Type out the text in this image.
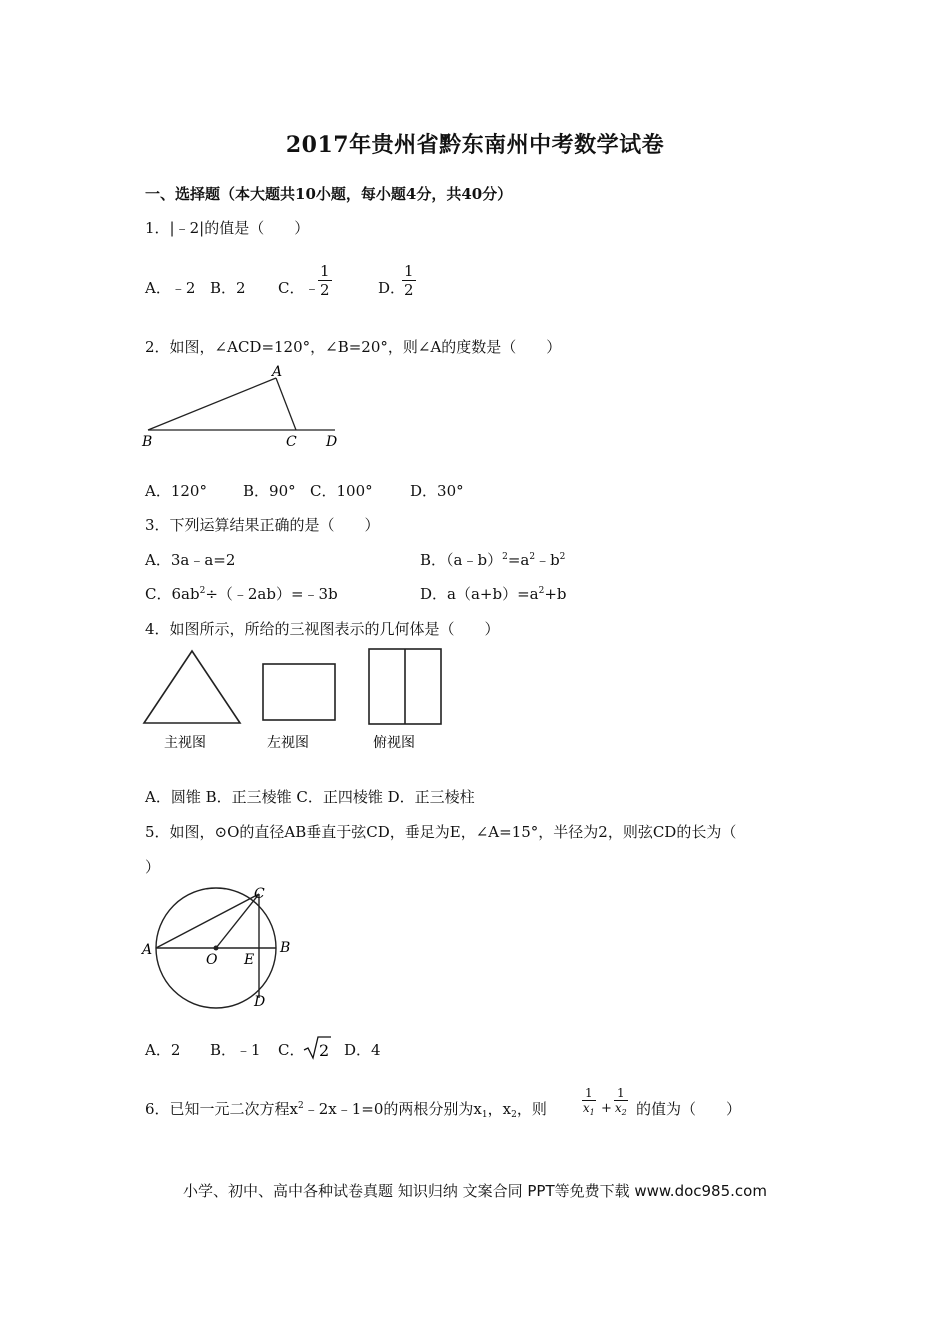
2017年贵州省黔东南州中考数学试卷
一、选择题（本大题共10小题，每小题4分，共40分）
1．|﹣2|的值是（　　）
A．﹣2 B．2 C．﹣
$\frac{1}{2}$	D．
$\frac{1}{2}$
2．如图，∠ACD=120°，∠B=20°，则∠A的度数是（　　）
A
B	C D
A．120° B．90° C．100° D．30°
3．下列运算结果正确的是（　　）
A．3a﹣a=2	B．$(a﹣b)^2=a^2﹣b^2$
C．$6ab^2\div(﹣2ab)=﹣3b$	D．$a(a+b)=a^2+b$
4．如图所示，所给的三视图表示的几何体是（　　）
主视图	左视图	俯视图
A．圆锥 B．正三棱锥 C．正四棱锥 D．正三棱柱
5．如图，⊙O的直径AB垂直于弦CD，垂足为E，∠A=15°，半径为2，则弦CD的长为（
）
A	B
C
D
O E
A．2 B．﹣1 C． 2 D．4
6．已知一元二次方程$x^2﹣2x﹣1=0$的两根分别为$x_1$，$x_2$，则	$\frac{1}{x_1} + \frac{1}{x_2}$ 的值为（　　）
小学、初中、高中各种试卷真题 知识归纳 文案合同 PPT等免费下载 www.doc985.com
